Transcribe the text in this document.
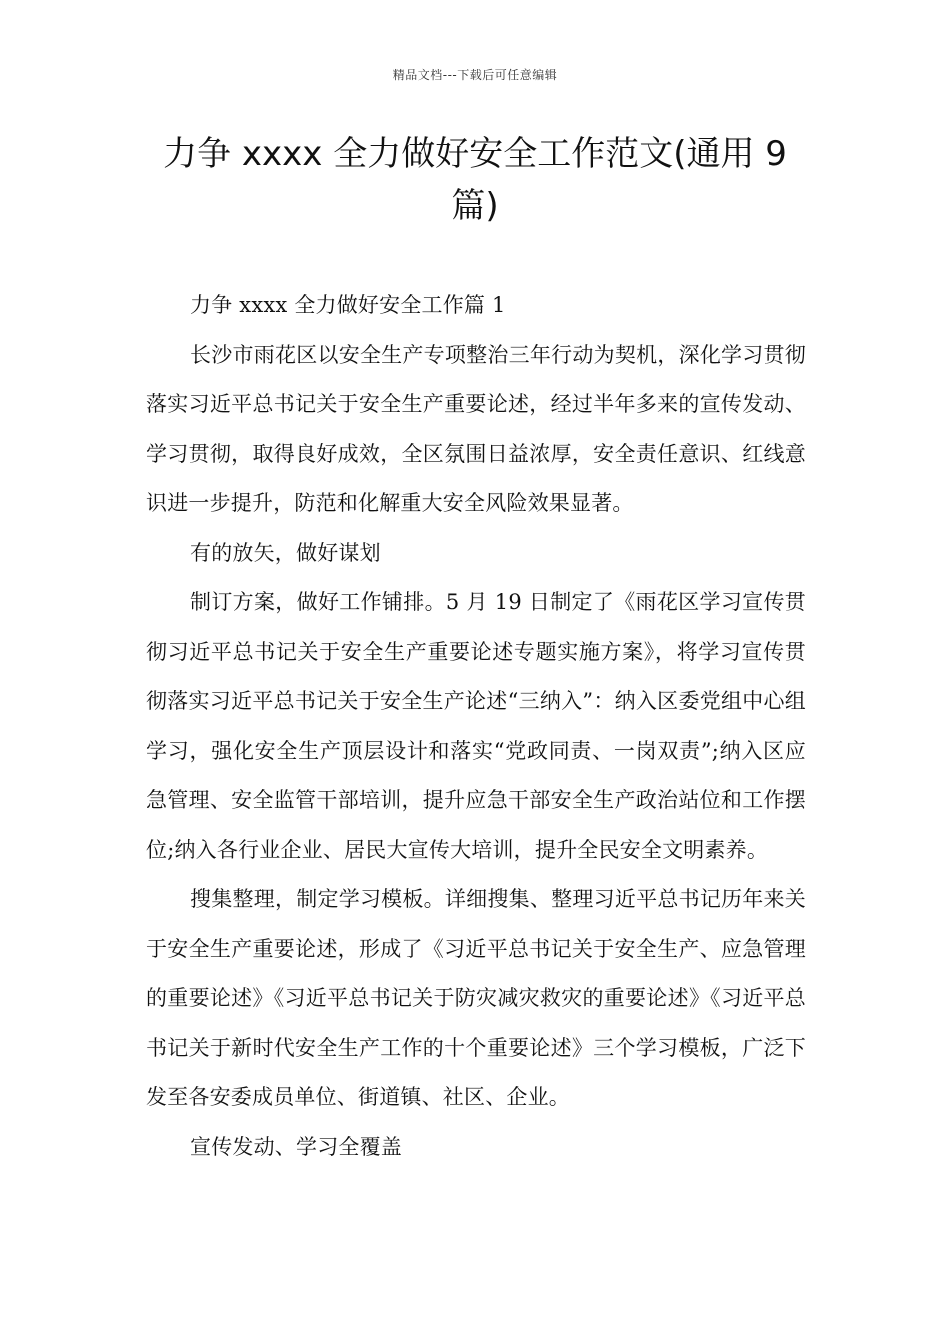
精品文档---下载后可任意编辑
力争 xxxx 全力做好安全工作范文(通用 9 篇)

力争 xxxx 全力做好安全工作篇 1

长沙市雨花区以安全生产专项整治三年行动为契机，深化学习贯彻落实习近平总书记关于安全生产重要论述，经过半年多来的宣传发动、学习贯彻，取得良好成效，全区氛围日益浓厚，安全责任意识、红线意识进一步提升，防范和化解重大安全风险效果显著。

有的放矢，做好谋划

制订方案，做好工作铺排。5 月 19 日制定了《雨花区学习宣传贯彻习近平总书记关于安全生产重要论述专题实施方案》，将学习宣传贯彻落实习近平总书记关于安全生产论述“三纳入”：纳入区委党组中心组学习，强化安全生产顶层设计和落实“党政同责、一岗双责”;纳入区应急管理、安全监管干部培训，提升应急干部安全生产政治站位和工作摆位;纳入各行业企业、居民大宣传大培训，提升全民安全文明素养。

搜集整理，制定学习模板。详细搜集、整理习近平总书记历年来关于安全生产重要论述，形成了《习近平总书记关于安全生产、应急管理的重要论述》《习近平总书记关于防灾减灾救灾的重要论述》《习近平总书记关于新时代安全生产工作的十个重要论述》三个学习模板，广泛下发至各安委成员单位、街道镇、社区、企业。

宣传发动、学习全覆盖
